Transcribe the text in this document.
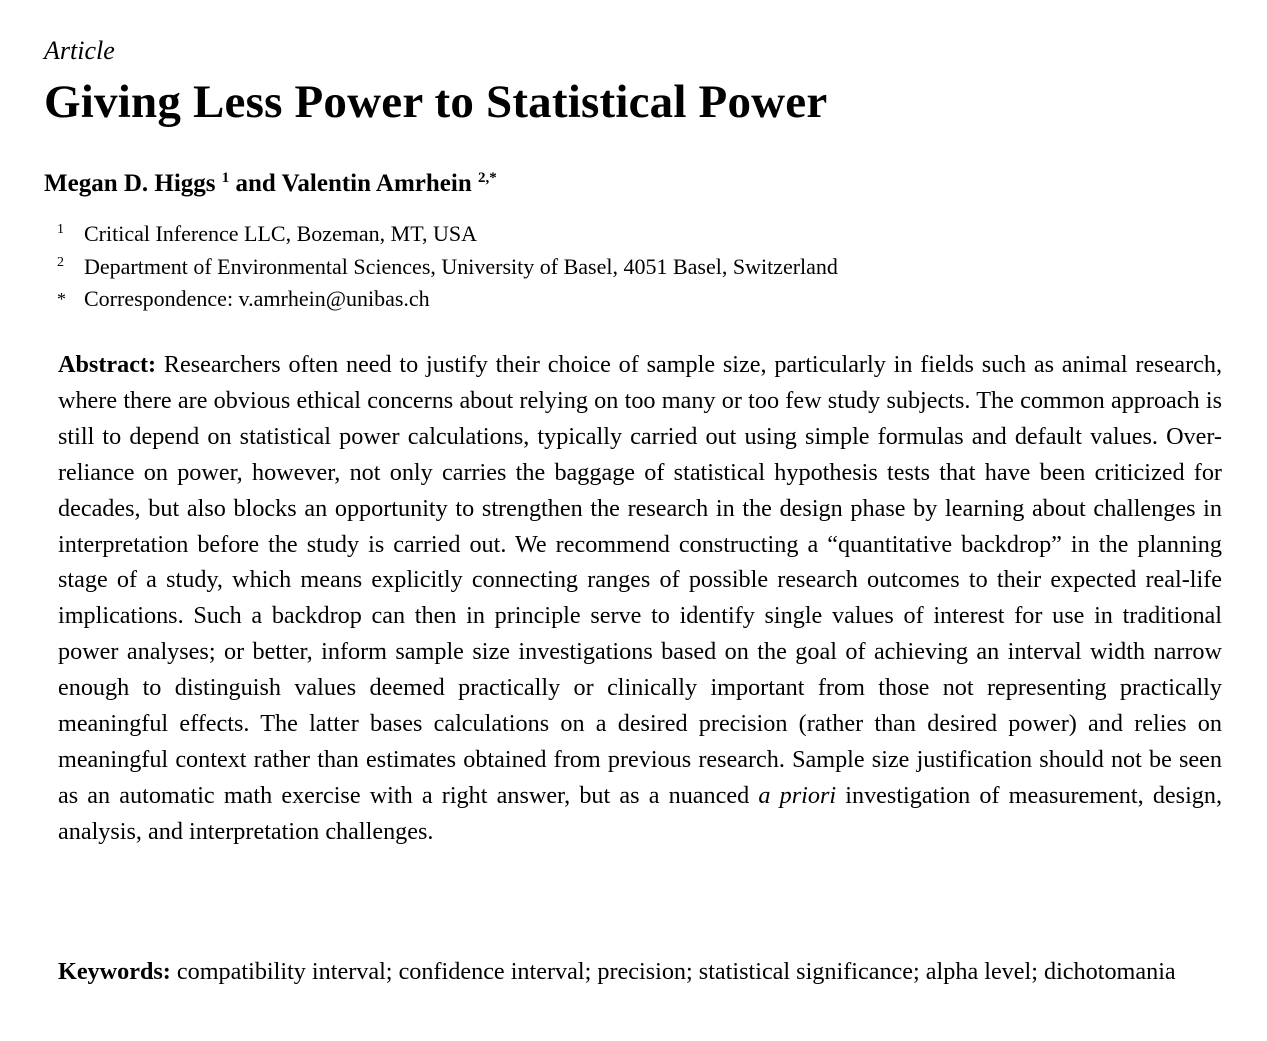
Article
Giving Less Power to Statistical Power
Megan D. Higgs $^1$ and Valentin Amrhein $^{2,*}$
1 Critical Inference LLC, Bozeman, MT, USA
2 Department of Environmental Sciences, University of Basel, 4051 Basel, Switzerland
* Correspondence: v.amrhein@unibas.ch

Abstract: Researchers often need to justify their choice of sample size, particularly in fields such as animal research, where there are obvious ethical concerns about relying on too many or too few study subjects. The common approach is still to depend on statistical power calculations, typically carried out using simple formulas and default values. Over-reliance on power, however, not only carries the baggage of statistical hypothesis tests that have been criticized for decades, but also blocks an opportunity to strengthen the research in the design phase by learning about challenges in interpretation before the study is carried out. We recommend constructing a “quantitative backdrop” in the planning stage of a study, which means explicitly connecting ranges of possible research outcomes to their expected real-life implications. Such a backdrop can then in principle serve to identify single values of interest for use in traditional power analyses; or better, inform sample size investigations based on the goal of achieving an interval width narrow enough to distinguish values deemed practically or clinically important from those not representing practically meaningful effects. The latter bases calculations on a desired precision (rather than desired power) and relies on meaningful context rather than estimates obtained from previous research. Sample size justification should not be seen as an automatic math exercise with a right answer, but as a nuanced a priori investigation of measurement, design, analysis, and interpretation challenges.

Keywords: compatibility interval; confidence interval; precision; statistical significance; alpha level; dichotomania
